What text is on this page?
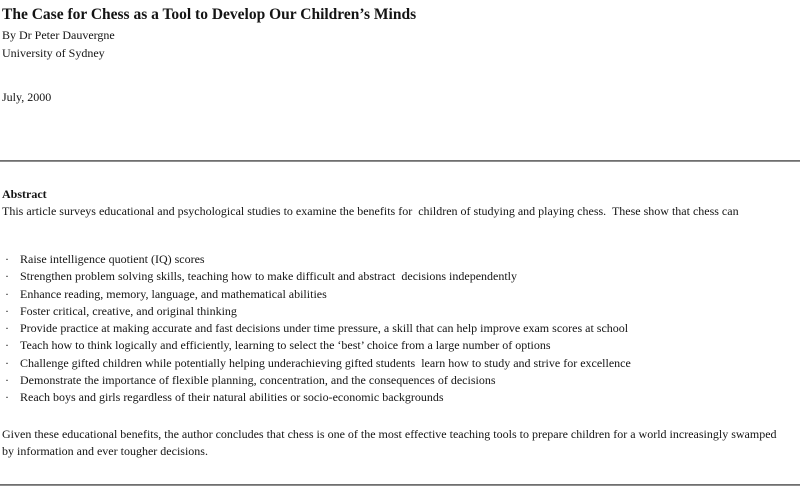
The Case for Chess as a Tool to Develop Our Children’s Minds
By Dr Peter Dauvergne
University of Sydney
July, 2000
Abstract
This article surveys educational and psychological studies to examine the benefits for  children of studying and playing chess.  These show that chess can
· Raise intelligence quotient (IQ) scores
· Strengthen problem solving skills, teaching how to make difficult and abstract  decisions independently
· Enhance reading, memory, language, and mathematical abilities
· Foster critical, creative, and original thinking
· Provide practice at making accurate and fast decisions under time pressure, a skill that can help improve exam scores at school
· Teach how to think logically and efficiently, learning to select the ‘best’ choice from a large number of options
· Challenge gifted children while potentially helping underachieving gifted students  learn how to study and strive for excellence
· Demonstrate the importance of flexible planning, concentration, and the consequences of decisions
· Reach boys and girls regardless of their natural abilities or socio-economic backgrounds
Given these educational benefits, the author concludes that chess is one of the most effective teaching tools to prepare children for a world increasingly swamped by information and ever tougher decisions.
